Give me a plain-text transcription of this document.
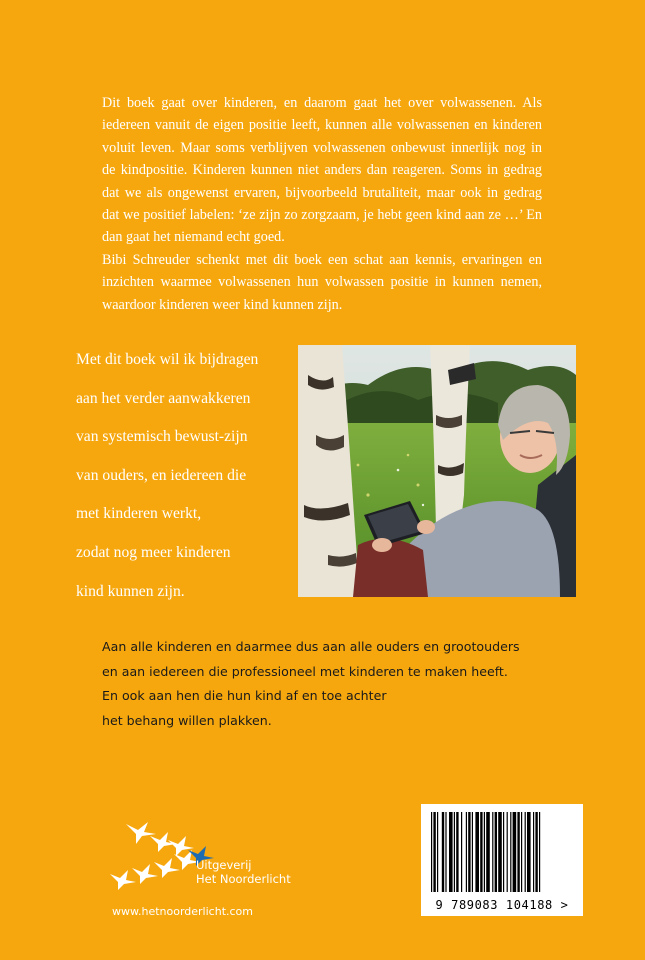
Dit boek gaat over kinderen, en daarom gaat het over volwassenen. Als iedereen vanuit de eigen positie leeft, kunnen alle volwassenen en kinderen voluit leven. Maar soms verblijven volwassenen onbewust innerlijk nog in de kindpositie. Kinderen kunnen niet anders dan reageren. Soms in gedrag dat we als ongewenst ervaren, bijvoorbeeld brutaliteit, maar ook in gedrag dat we positief labelen: ‘ze zijn zo zorgzaam, je hebt geen kind aan ze …’ En dan gaat het niemand echt goed.

Bibi Schreuder schenkt met dit boek een schat aan kennis, ervaringen en inzichten waarmee volwassenen hun volwassen positie in kunnen nemen, waardoor kinderen weer kind kunnen zijn.

Met dit boek wil ik bijdragen
aan het verder aanwakkeren
van systemisch bewust-zijn
van ouders, en iedereen die
met kinderen werkt,
zodat nog meer kinderen
kind kunnen zijn.
Aan alle kinderen en daarmee dus aan alle ouders en grootouders
en aan iedereen die professioneel met kinderen te maken heeft.
En ook aan hen die hun kind af en toe achter
het behang willen plakken.
Uitgeverij
Het Noorderlicht
www.hetnoorderlicht.com	9 789083 104188 >
